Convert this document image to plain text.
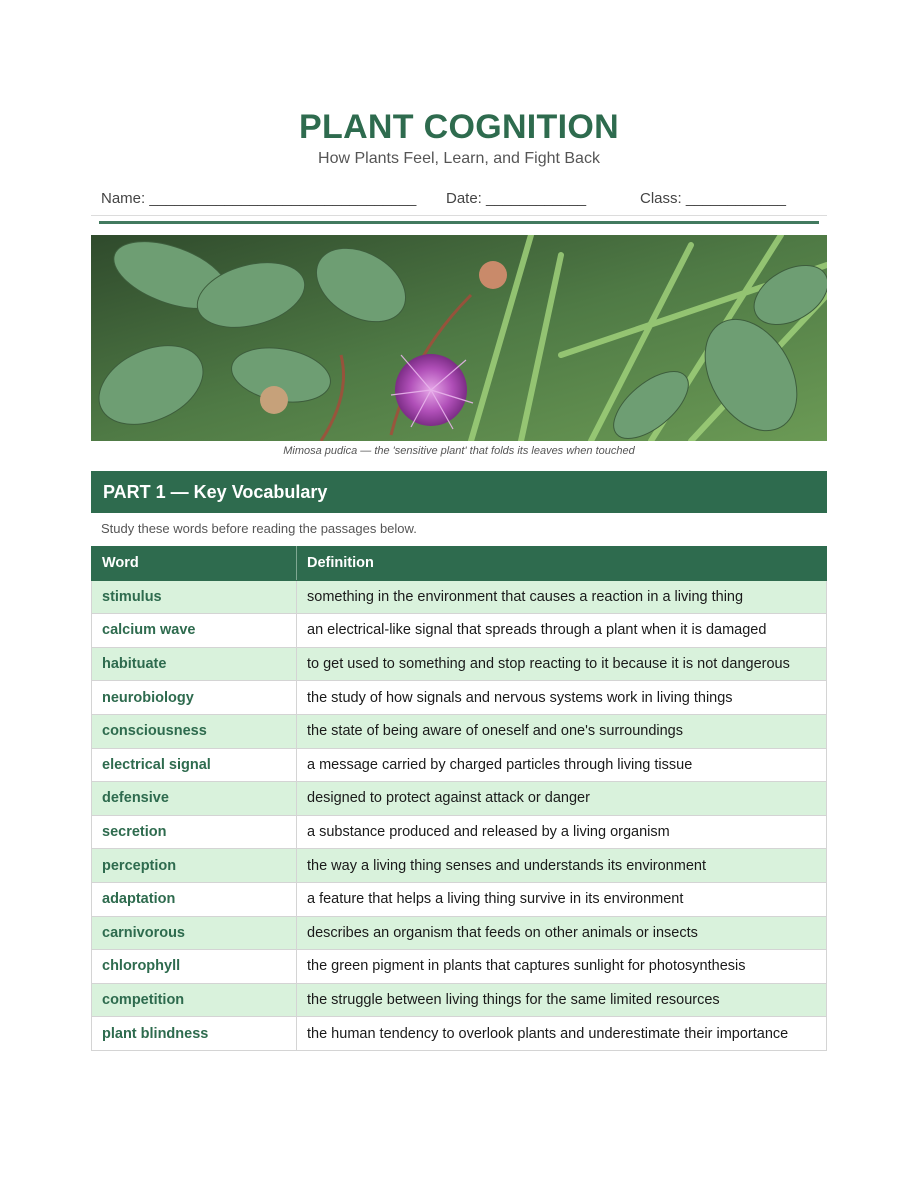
PLANT COGNITION
How Plants Feel, Learn, and Fight Back
Name: ________________________________ Date: ____________	Class: ____________
Mimosa pudica — the 'sensitive plant' that folds its leaves when touched
PART 1 — Key Vocabulary
Study these words before reading the passages below.
Word	Definition
stimulus	something in the environment that causes a reaction in a living thing
calcium wave	an electrical-like signal that spreads through a plant when it is damaged
habituate	to get used to something and stop reacting to it because it is not dangerous
neurobiology	the study of how signals and nervous systems work in living things
consciousness	the state of being aware of oneself and one's surroundings
electrical signal	a message carried by charged particles through living tissue
defensive	designed to protect against attack or danger
secretion	a substance produced and released by a living organism
perception	the way a living thing senses and understands its environment
adaptation	a feature that helps a living thing survive in its environment
carnivorous	describes an organism that feeds on other animals or insects
chlorophyll	the green pigment in plants that captures sunlight for photosynthesis
competition	the struggle between living things for the same limited resources
plant blindness	the human tendency to overlook plants and underestimate their importance
